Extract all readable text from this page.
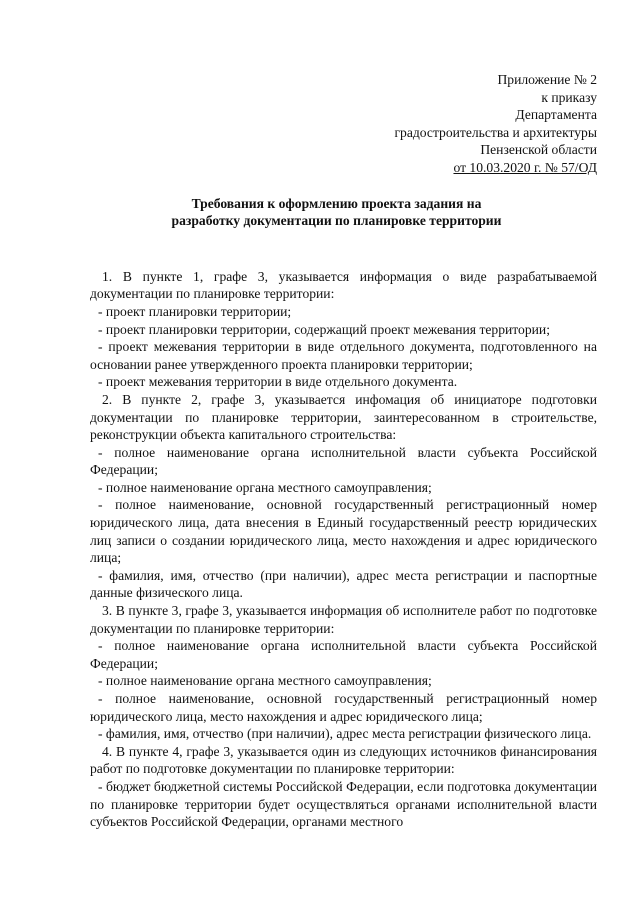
Приложение № 2
к приказу
Департамента
градостроительства и архитектуры
Пензенской области
от 10.03.2020 г. № 57/ОД
Требования к оформлению проекта задания на
разработку документации по планировке территории

1. В пункте 1, графе 3, указывается информация о виде разрабатываемой документации по планировке территории:

- проект планировки территории;

- проект планировки территории, содержащий проект межевания территории;

- проект межевания территории в виде отдельного документа, подготовленного на основании ранее утвержденного проекта планировки территории;

- проект межевания территории в виде отдельного документа.

2. В пункте 2, графе 3, указывается инфомация об инициаторе подготовки документации по планировке территории, заинтересованном в строительстве, реконструкции объекта капитального строительства:

- полное наименование органа исполнительной власти субъекта Российской Федерации;

- полное наименование органа местного самоуправления;

- полное наименование, основной государственный регистрационный номер юридического лица, дата внесения в Единый государственный реестр юридических лиц записи о создании юридического лица, место нахождения и адрес юридического лица;

- фамилия, имя, отчество (при наличии), адрес места регистрации и паспортные данные физического лица.

3. В пункте 3, графе 3, указывается информация об исполнителе работ по подготовке документации по планировке территории:

- полное наименование органа исполнительной власти субъекта Российской Федерации;

- полное наименование органа местного самоуправления;

- полное наименование, основной государственный регистрационный номер юридического лица, место нахождения и адрес юридического лица;

- фамилия, имя, отчество (при наличии), адрес места регистрации физического лица.

4. В пункте 4, графе 3, указывается один из следующих источников финансирования работ по подготовке документации по планировке территории:

- бюджет бюджетной системы Российской Федерации, если подготовка документации по планировке территории будет осуществляться органами исполнительной власти субъектов Российской Федерации, органами местного
